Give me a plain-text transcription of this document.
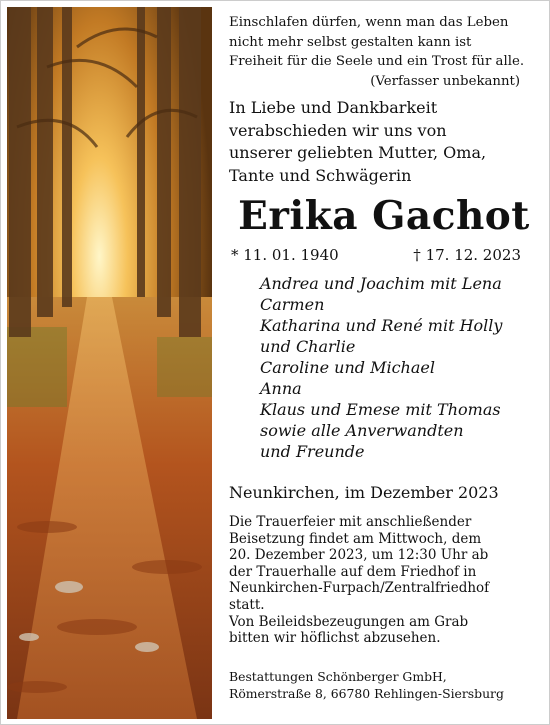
Einschlafen dürfen, wenn man das Leben
nicht mehr selbst gestalten kann ist
Freiheit für die Seele und ein Trost für alle.
(Verfasser unbekannt)
In Liebe und Dankbarkeit
verabschieden wir uns von
unserer geliebten Mutter, Oma,
Tante und Schwägerin
Erika Gachot
* 11. 01. 1940	† 17. 12. 2023
Andrea und Joachim mit Lena
Carmen
Katharina und René mit Holly
und Charlie
Caroline und Michael
Anna
Klaus und Emese mit Thomas
sowie alle Anverwandten
und Freunde
Neunkirchen, im Dezember 2023
Die Trauerfeier mit anschließender
Beisetzung findet am Mittwoch, dem
20. Dezember 2023, um 12:30 Uhr ab
der Trauerhalle auf dem Friedhof in
Neunkirchen-Furpach/Zentralfriedhof
statt.
Von Beileidsbezeugungen am Grab
bitten wir höflichst abzusehen.
Bestattungen Schönberger GmbH,
Römerstraße 8, 66780 Rehlingen-Siersburg
